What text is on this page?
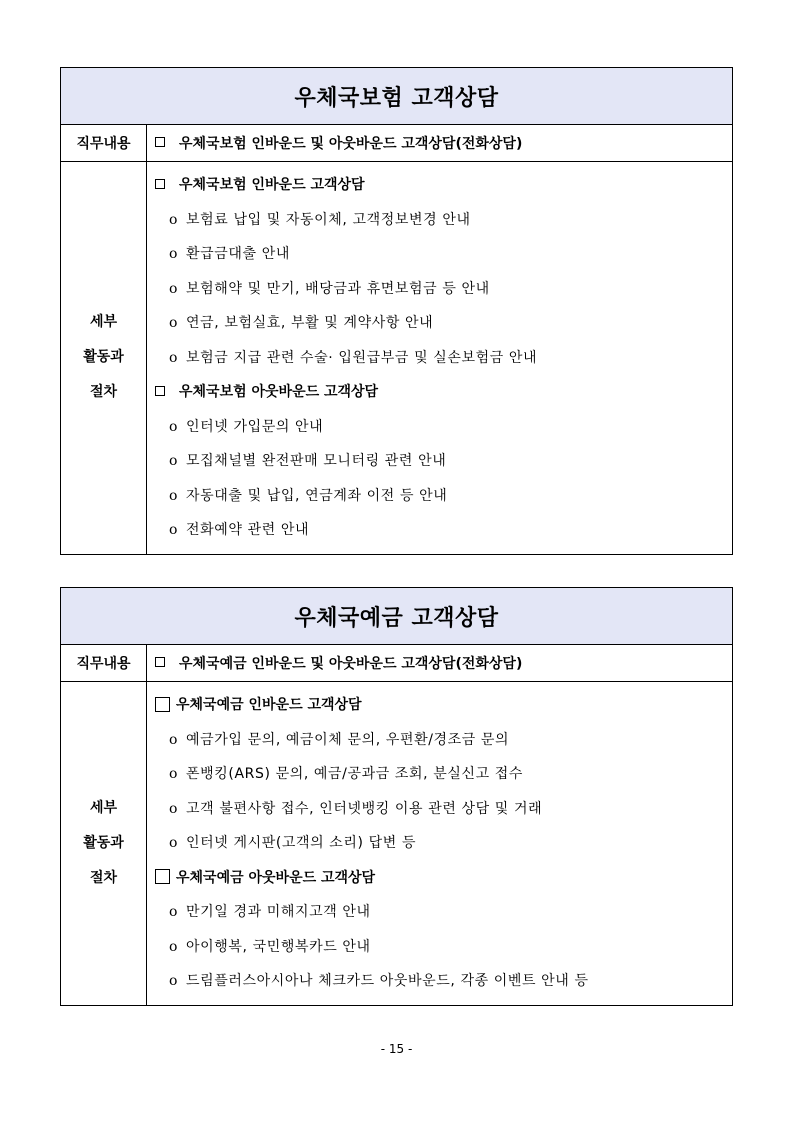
우체국보험 고객상담
직무내용	우체국보험 인바운드 및 아웃바운드 고객상담(전화상담)
세부
활동과
절차
우체국보험 인바운드 고객상담
o 보험료 납입 및 자동이체, 고객정보변경 안내
o 환급금대출 안내
o 보험해약 및 만기, 배당금과 휴면보험금 등 안내
o 연금, 보험실효, 부활 및 계약사항 안내
o 보험금 지급 관련 수술· 입원급부금 및 실손보험금 안내
우체국보험 아웃바운드 고객상담
o 인터넷 가입문의 안내
o 모집채널별 완전판매 모니터링 관련 안내
o 자동대출 및 납입, 연금계좌 이전 등 안내
o 전화예약 관련 안내
우체국예금 고객상담
직무내용	우체국예금 인바운드 및 아웃바운드 고객상담(전화상담)
세부
활동과
절차
우체국예금 인바운드 고객상담
o 예금가입 문의, 예금이체 문의, 우편환/경조금 문의
o 폰뱅킹(ARS) 문의, 예금/공과금 조회, 분실신고 접수
o 고객 불편사항 접수, 인터넷뱅킹 이용 관련 상담 및 거래
o 인터넷 게시판(고객의 소리) 답변 등
우체국예금 아웃바운드 고객상담
o 만기일 경과 미해지고객 안내
o 아이행복, 국민행복카드 안내
o 드림플러스아시아나 체크카드 아웃바운드, 각종 이벤트 안내 등
- 15 -
